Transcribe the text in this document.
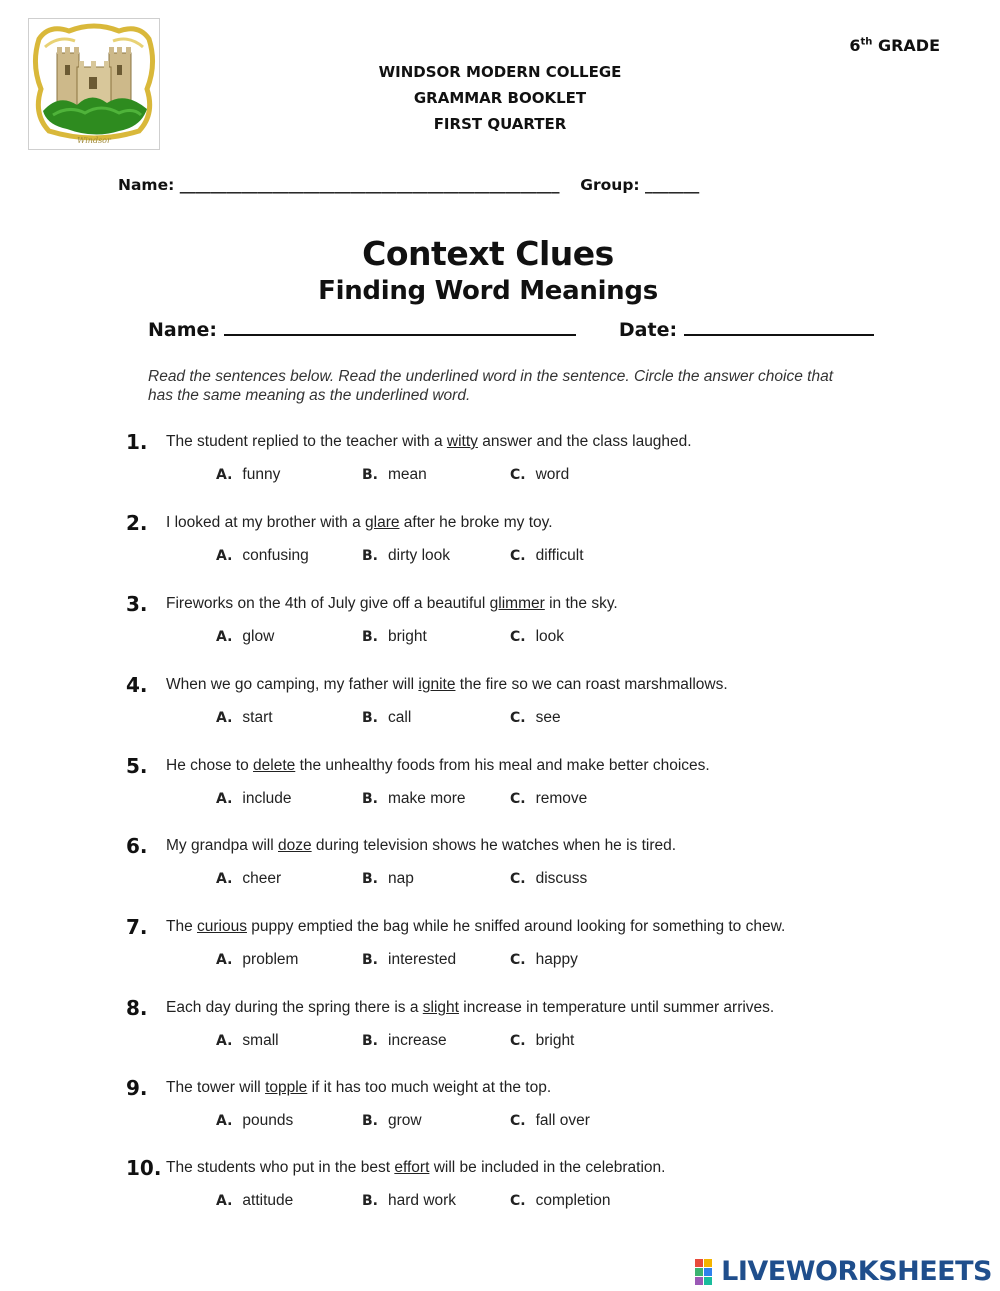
Windsor
6th GRADE
WINDSOR MODERN COLLEGE
GRAMMAR BOOKLET
FIRST QUARTER
Name: _________________________________________________ Group: _______
Context Clues
Finding Word Meanings
Name:	Date:
Read the sentences below. Read the underlined word in the sentence. Circle the answer choice that has the same meaning as the underlined word.
1. The student replied to the teacher with a witty answer and the class laughed.
A. funny	B. mean	C. word
2. I looked at my brother with a glare after he broke my toy.
A. confusing	B. dirty look	C. difficult
3. Fireworks on the 4th of July give off a beautiful glimmer in the sky.
A. glow	B. bright	C. look
4. When we go camping, my father will ignite the fire so we can roast marshmallows.
A. start	B. call	C. see
5. He chose to delete the unhealthy foods from his meal and make better choices.
A. include	B. make more	C. remove
6. My grandpa will doze during television shows he watches when he is tired.
A. cheer	B. nap	C. discuss
7. The curious puppy emptied the bag while he sniffed around looking for something to chew.
A. problem	B. interested	C. happy
8. Each day during the spring there is a slight increase in temperature until summer arrives.
A. small	B. increase	C. bright
9. The tower will topple if it has too much weight at the top.
A. pounds	B. grow	C. fall over
10. The students who put in the best effort will be included in the celebration.
A. attitude	B. hard work	C. completion
LIVEWORKSHEETS
